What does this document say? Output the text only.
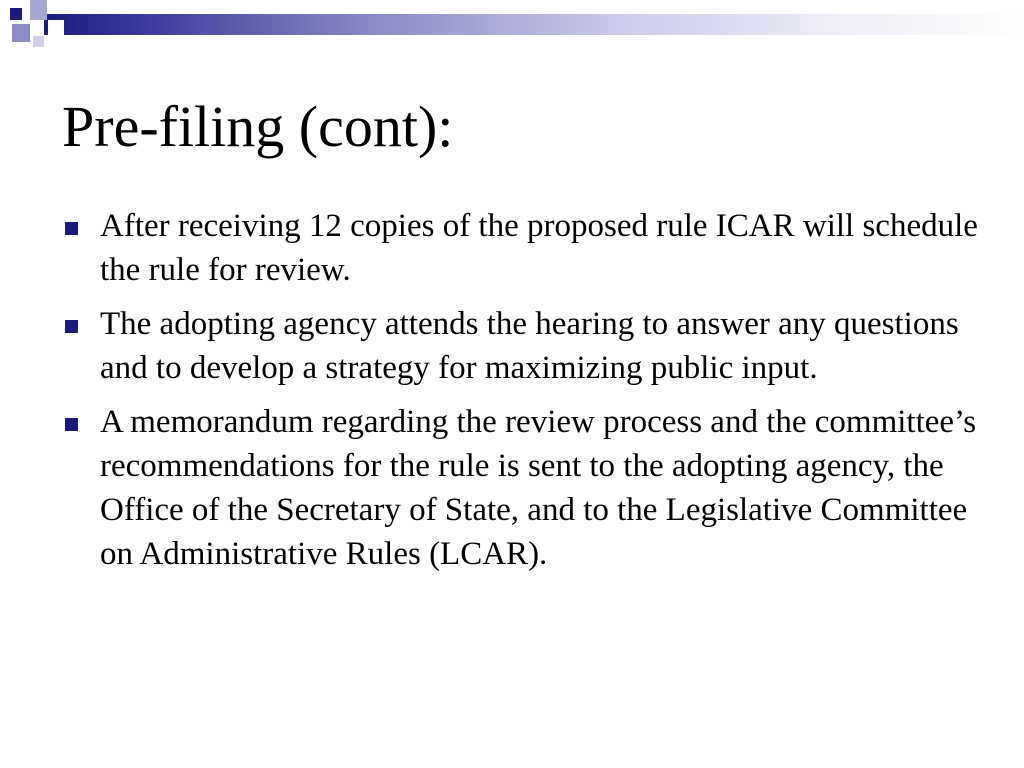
Pre-filing (cont):
After receiving 12 copies of the proposed rule ICAR will schedule the rule for review.
The adopting agency attends the hearing to answer any questions and to develop a strategy for maximizing public input.
A memorandum regarding the review process and the committee’s recommendations for the rule is sent to the adopting agency, the Office of the Secretary of State, and to the Legislative Committee on Administrative Rules (LCAR).
